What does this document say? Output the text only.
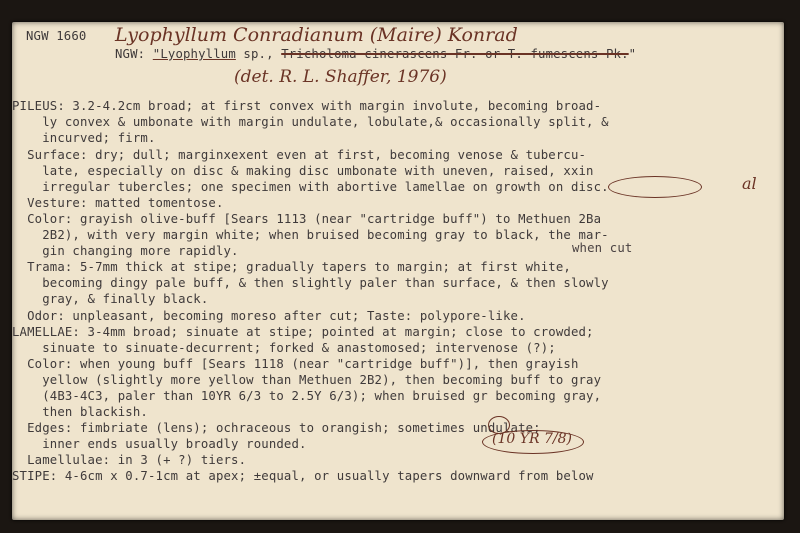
NGW 1660 Lyophyllum Conradianum (Maire) Konrad
NGW: "Lyophyllum sp., Tricholoma cinerascens Fr. or T. fumescens Pk."
(det. R. L. Shaffer, 1976)
PILEUS: 3.2-4.2cm broad; at first convex with margin involute, becoming broad-
ly convex & umbonate with margin undulate, lobulate,& occasionally split, &
incurved; firm.
Surface: dry; dull; marginxexent even at first, becoming venose & tubercu-
late, especially on disc & making disc umbonate with uneven, raised, xxin
irregular tubercles; one specimen with abortive lamellae on growth on disc.
Vesture: matted tomentose.
Color: grayish olive-buff [Sears 1113 (near "cartridge buff") to Methuen 2Ba
2B2), with very margin white; when bruised becoming gray to black, the mar-
gin changing more rapidly.
Trama: 5-7mm thick at stipe; gradually tapers to margin; at first white,
becoming dingy pale buff, & then slightly paler than surface, & then slowly
gray, & finally black.
Odor: unpleasant, becoming moreso after cut; Taste: polypore-like.
LAMELLAE: 3-4mm broad; sinuate at stipe; pointed at margin; close to crowded;
sinuate to sinuate-decurrent; forked & anastomosed; intervenose (?);
Color: when young buff [Sears 1118 (near "cartridge buff")], then grayish
yellow (slightly more yellow than Methuen 2B2), then becoming buff to gray
(4B3-4C3, paler than 10YR 6/3 to 2.5Y 6/3); when bruised gr becoming gray,
then blackish.
Edges: fimbriate (lens); ochraceous to orangish; sometimes undulate;
inner ends usually broadly rounded.
Lamellulae: in 3 (+ ?) tiers.
STIPE: 4-6cm x 0.7-1cm at apex; ±equal, or usually tapers downward from below
when cut
al
(10 YR 7/8)
